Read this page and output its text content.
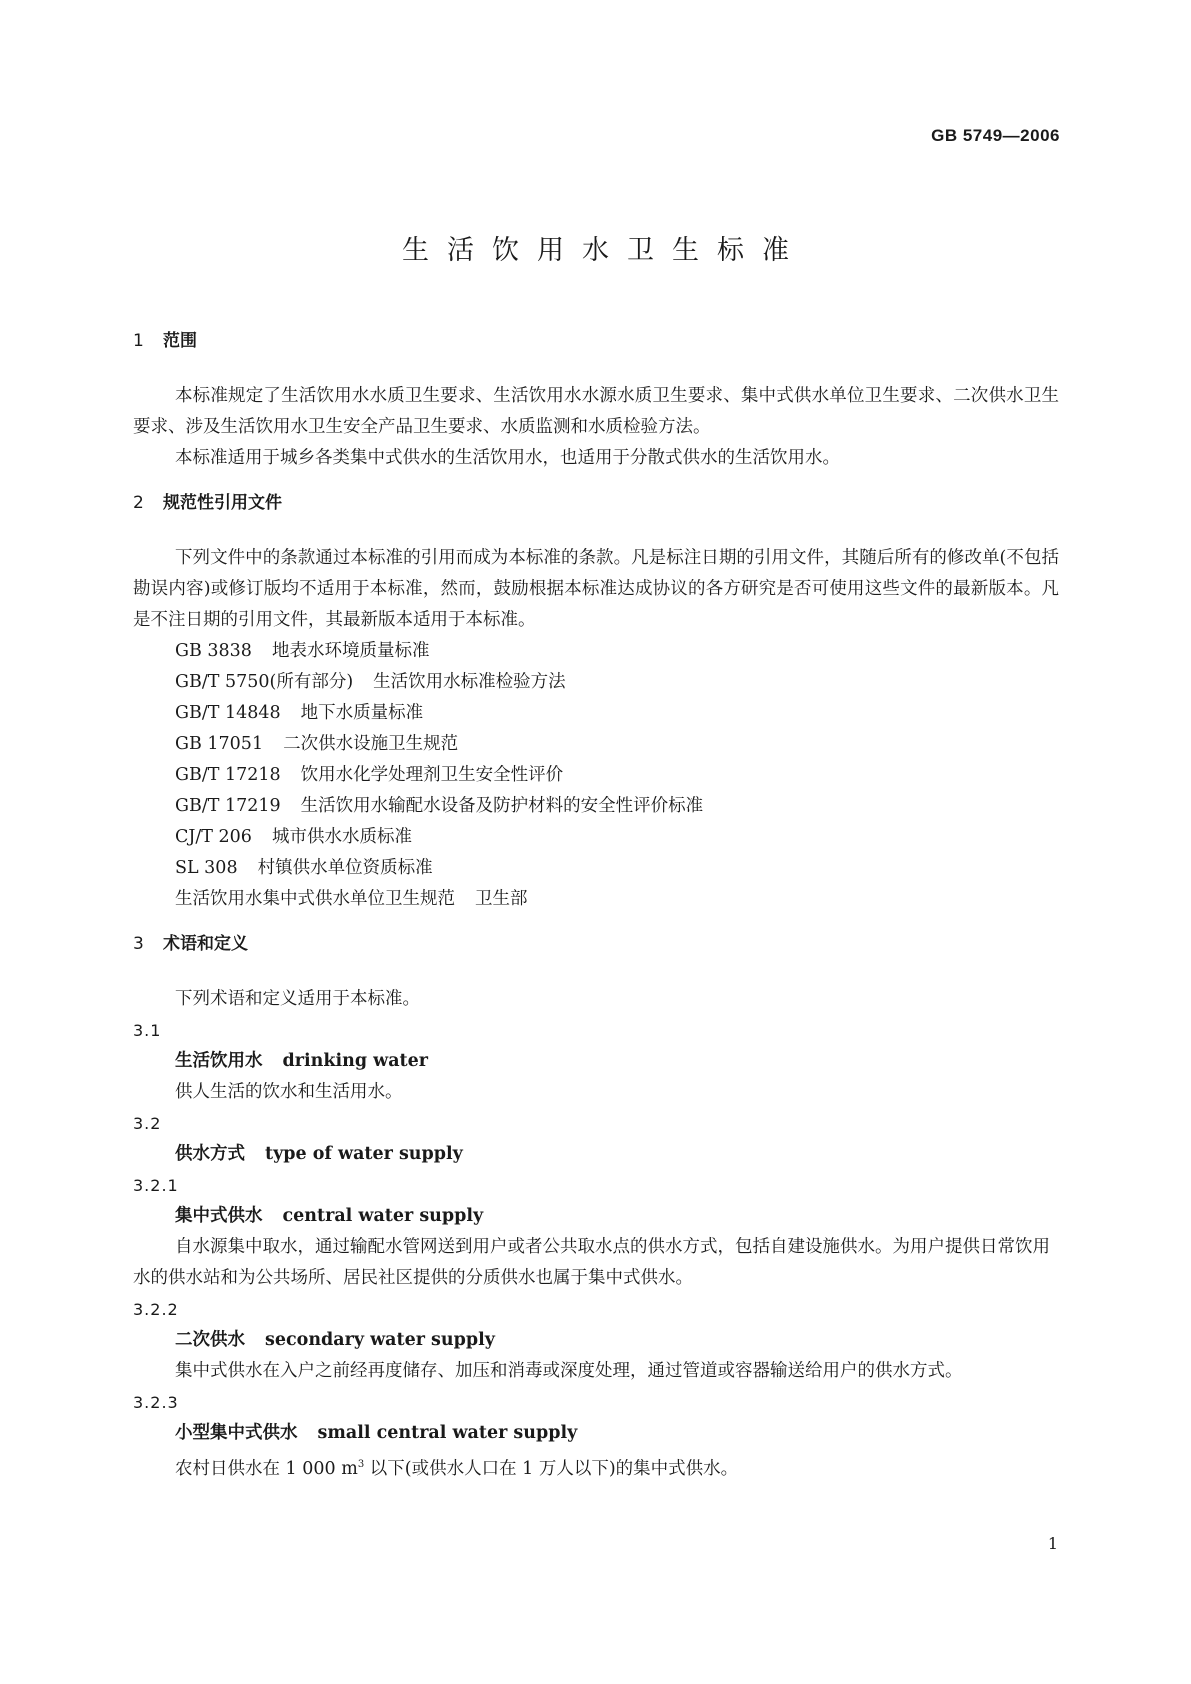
GB 5749—2006
生活饮用水卫生标准
1 范围

本标准规定了生活饮用水水质卫生要求、生活饮用水水源水质卫生要求、集中式供水单位卫生要求、二次供水卫生要求、涉及生活饮用水卫生安全产品卫生要求、水质监测和水质检验方法。

本标准适用于城乡各类集中式供水的生活饮用水，也适用于分散式供水的生活饮用水。

2 规范性引用文件

下列文件中的条款通过本标准的引用而成为本标准的条款。凡是标注日期的引用文件，其随后所有的修改单(不包括勘误内容)或修订版均不适用于本标准，然而，鼓励根据本标准达成协议的各方研究是否可使用这些文件的最新版本。凡是不注日期的引用文件，其最新版本适用于本标准。

GB 3838 地表水环境质量标准
GB/T 5750(所有部分) 生活饮用水标准检验方法
GB/T 14848 地下水质量标准
GB 17051 二次供水设施卫生规范
GB/T 17218 饮用水化学处理剂卫生安全性评价
GB/T 17219 生活饮用水输配水设备及防护材料的安全性评价标准
CJ/T 206 城市供水水质标准
SL 308 村镇供水单位资质标准
生活饮用水集中式供水单位卫生规范 卫生部
3 术语和定义

下列术语和定义适用于本标准。

3.1

生活饮用水 drinking water

供人生活的饮水和生活用水。

3.2

供水方式 type of water supply

3.2.1

集中式供水 central water supply

自水源集中取水，通过输配水管网送到用户或者公共取水点的供水方式，包括自建设施供水。为用户提供日常饮用水的供水站和为公共场所、居民社区提供的分质供水也属于集中式供水。

3.2.2

二次供水 secondary water supply

集中式供水在入户之前经再度储存、加压和消毒或深度处理，通过管道或容器输送给用户的供水方式。

3.2.3

小型集中式供水 small central water supply

农村日供水在 1 000 $m^3$ 以下(或供水人口在 1 万人以下)的集中式供水。

1
